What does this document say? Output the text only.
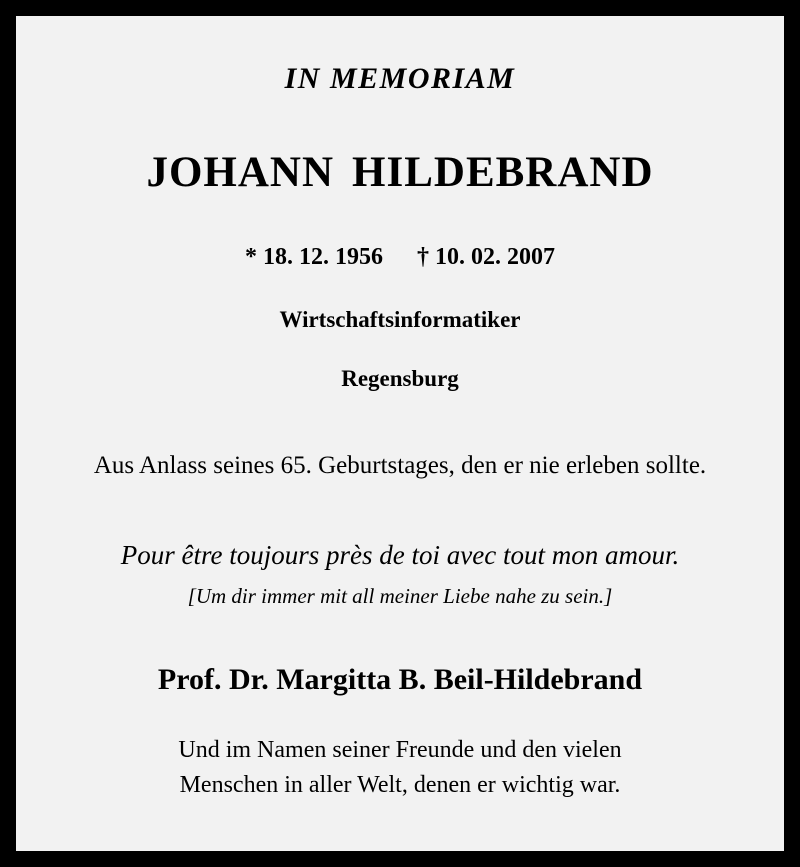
IN MEMORIAM
JOHANN HILDEBRAND
* 18. 12. 1956 † 10. 02. 2007
Wirtschaftsinformatiker
Regensburg
Aus Anlass seines 65. Geburtstages, den er nie erleben sollte.
Pour être toujours près de toi avec tout mon amour.
[Um dir immer mit all meiner Liebe nahe zu sein.]
Prof. Dr. Margitta B. Beil-Hildebrand
Und im Namen seiner Freunde und den vielen
Menschen in aller Welt, denen er wichtig war.
